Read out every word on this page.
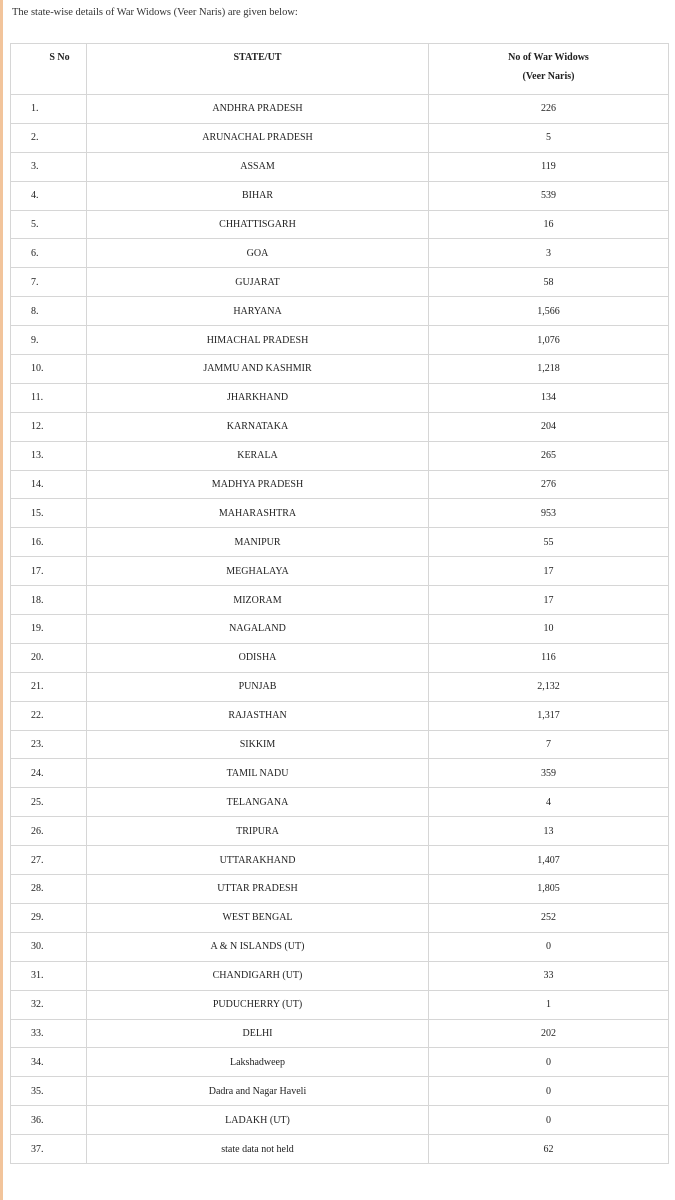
The state-wise details of War Widows (Veer Naris) are given below:
S No	STATE/UT	No of War Widows
(Veer Naris)

1.	ANDHRA PRADESH	226
2.	ARUNACHAL PRADESH	5
3.	ASSAM	119
4.	BIHAR	539
5.	CHHATTISGARH	16
6.	GOA	3
7.	GUJARAT	58
8.	HARYANA	1,566
9.	HIMACHAL PRADESH	1,076
10.	JAMMU AND KASHMIR	1,218
11.	JHARKHAND	134
12.	KARNATAKA	204
13.	KERALA	265
14.	MADHYA PRADESH	276
15.	MAHARASHTRA	953
16.	MANIPUR	55
17.	MEGHALAYA	17
18.	MIZORAM	17
19.	NAGALAND	10
20.	ODISHA	116
21.	PUNJAB	2,132
22.	RAJASTHAN	1,317
23.	SIKKIM	7
24.	TAMIL NADU	359
25.	TELANGANA	4
26.	TRIPURA	13
27.	UTTARAKHAND	1,407
28.	UTTAR PRADESH	1,805
29.	WEST BENGAL	252
30.	A & N ISLANDS (UT)	0
31.	CHANDIGARH (UT)	33
32.	PUDUCHERRY (UT)	1
33.	DELHI	202
34.	Lakshadweep	0
35.	Dadra and Nagar Haveli	0
36.	LADAKH (UT)	0
37.	state data not held	62
